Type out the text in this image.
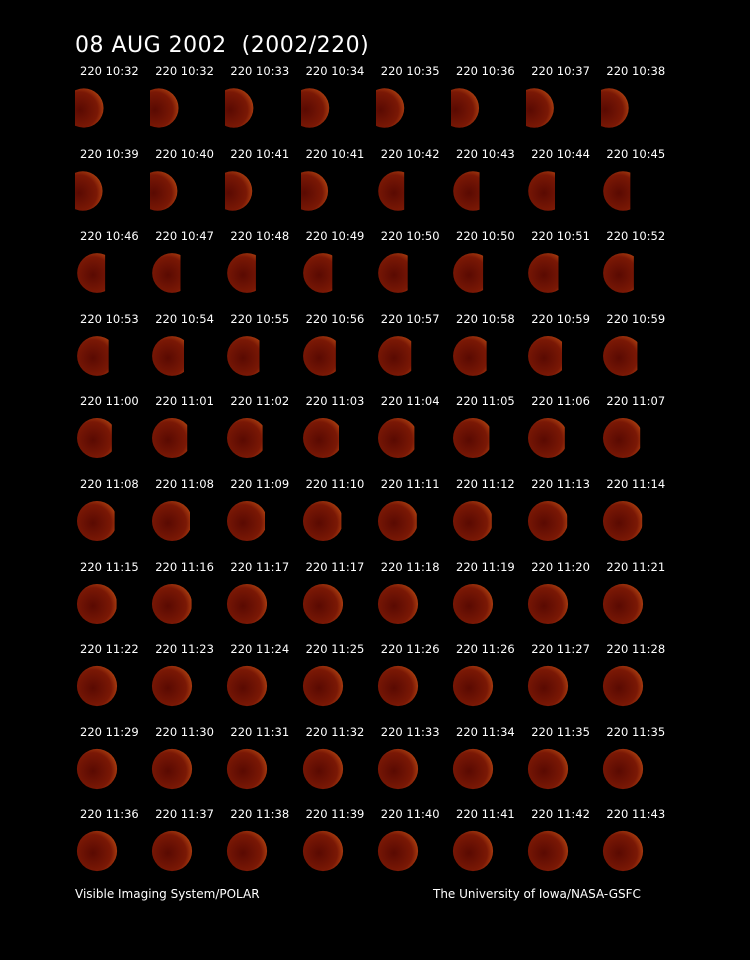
08 AUG 2002  (2002/220)
220 10:32 220 10:32 220 10:33 220 10:34 220 10:35 220 10:36 220 10:37 220 10:38
220 10:39 220 10:40 220 10:41 220 10:41 220 10:42 220 10:43 220 10:44 220 10:45
220 10:46 220 10:47 220 10:48 220 10:49 220 10:50 220 10:50 220 10:51 220 10:52
220 10:53 220 10:54 220 10:55 220 10:56 220 10:57 220 10:58 220 10:59 220 10:59
220 11:00 220 11:01 220 11:02 220 11:03 220 11:04 220 11:05 220 11:06 220 11:07
220 11:08 220 11:08 220 11:09 220 11:10 220 11:11 220 11:12 220 11:13 220 11:14
220 11:15 220 11:16 220 11:17 220 11:17 220 11:18 220 11:19 220 11:20 220 11:21
220 11:22 220 11:23 220 11:24 220 11:25 220 11:26 220 11:26 220 11:27 220 11:28
220 11:29 220 11:30 220 11:31 220 11:32 220 11:33 220 11:34 220 11:35 220 11:35
220 11:36 220 11:37 220 11:38 220 11:39 220 11:40 220 11:41 220 11:42 220 11:43
Visible Imaging System/POLAR	The University of Iowa/NASA-GSFC
